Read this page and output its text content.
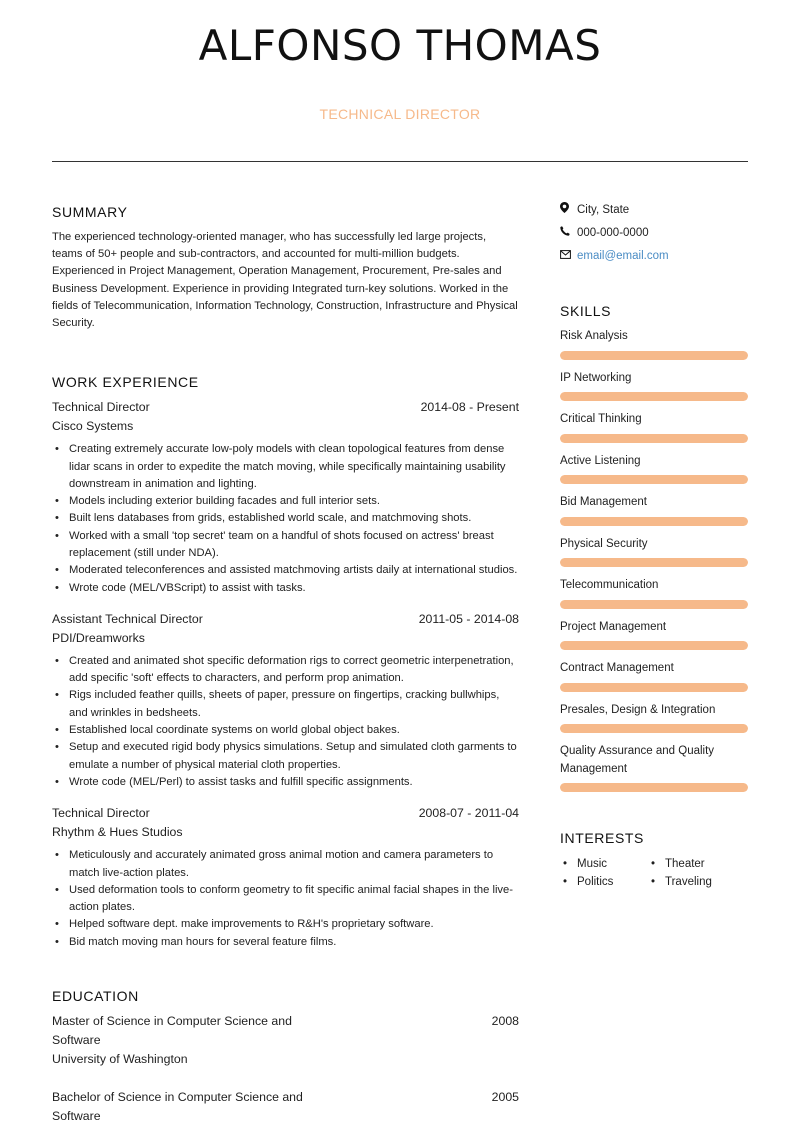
ALFONSO THOMAS
TECHNICAL DIRECTOR
SUMMARY

The experienced technology-oriented manager, who has successfully led large projects, teams of 50+ people and sub-contractors, and accounted for multi-million budgets. Experienced in Project Management, Operation Management, Procurement, Pre-sales and Business Development. Experience in providing Integrated turn-key solutions. Worked in the fields of Telecommunication, Information Technology, Construction, Infrastructure and Physical Security.

WORK EXPERIENCE
Technical Director	2014-08 - Present
Cisco Systems
• Creating extremely accurate low-poly models with clean topological features from dense lidar scans in order to expedite the match moving, while specifically maintaining usability downstream in animation and lighting.
• Models including exterior building facades and full interior sets.
• Built lens databases from grids, established world scale, and matchmoving shots.
• Worked with a small 'top secret' team on a handful of shots focused on actress' breast replacement (still under NDA).
• Moderated teleconferences and assisted matchmoving artists daily at international studios.
• Wrote code (MEL/VBScript) to assist with tasks.
Assistant Technical Director	2011-05 - 2014-08
PDI/Dreamworks
• Created and animated shot specific deformation rigs to correct geometric interpenetration, add specific 'soft' effects to characters, and perform prop animation.
• Rigs included feather quills, sheets of paper, pressure on fingertips, cracking bullwhips, and wrinkles in bedsheets.
• Established local coordinate systems on world global object bakes.
• Setup and executed rigid body physics simulations. Setup and simulated cloth garments to emulate a number of physical material cloth properties.
• Wrote code (MEL/Perl) to assist tasks and fulfill specific assignments.
Technical Director	2008-07 - 2011-04
Rhythm & Hues Studios
• Meticulously and accurately animated gross animal motion and camera parameters to match live-action plates.
• Used deformation tools to conform geometry to fit specific animal facial shapes in the live-action plates.
• Helped software dept. make improvements to R&H's proprietary software.
• Bid match moving man hours for several feature films.
EDUCATION
Master of Science in Computer Science and Software
2008
University of Washington
Bachelor of Science in Computer Science and Software
2005
City, State
000-000-0000
email@email.com
SKILLS
Risk Analysis
IP Networking
Critical Thinking
Active Listening
Bid Management
Physical Security
Telecommunication
Project Management
Contract Management
Presales, Design & Integration
Quality Assurance and Quality Management
INTERESTS
• Music	• Theater
• Politics	• Traveling
